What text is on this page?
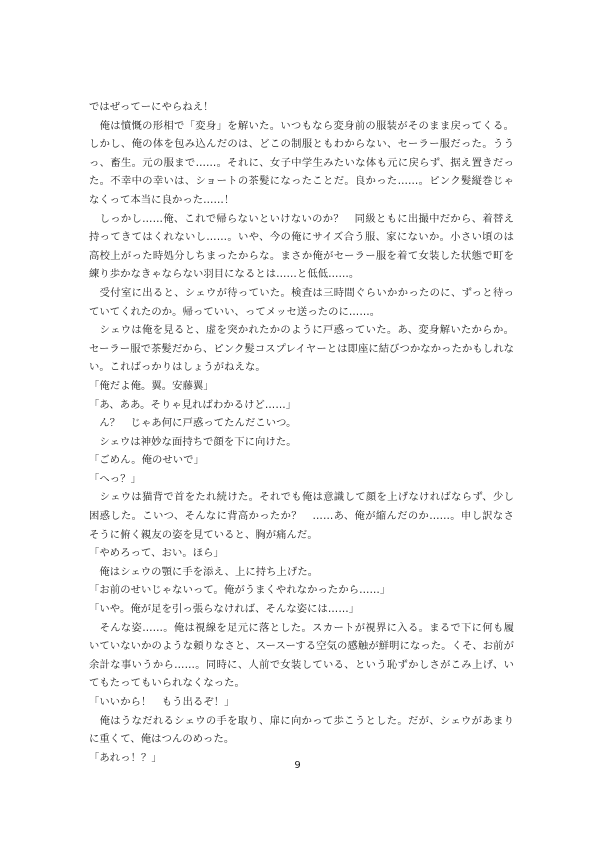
ではぜってーにやらねえ！

　俺は憤慨の形相で「変身」を解いた。いつもなら変身前の服装がそのまま戻ってくる。しかし、俺の体を包み込んだのは、どこの制服ともわからない、セーラー服だった。うう っ、畜生。元の服まで……。それに、女子中学生みたいな体も元に戻らず、据え置きだった。不幸中の幸いは、ショートの茶髪になったことだ。良かった……。ピンク髪縦巻じゃなくって本当に良かった……！

　しっかし……俺、これで帰らないといけないのか？　同級ともに出撮中だから、着替え持ってきてはくれないし……。いや、今の俺にサイズ合う服、家にないか。小さい頃のは高校上がった時処分しちまったからな。まさか俺がセーラー服を着て女装した状態で町を練り歩かなきゃならない羽目になるとは……と低低……。

　受付室に出ると、シェウが待っていた。検査は三時間ぐらいかかったのに、ずっと待っていてくれたのか。帰っていい、ってメッセ送ったのに……。

　シェウは俺を見ると、虚を突かれたかのように戸惑っていた。あ、変身解いたからか。セーラー服で茶髪だから、ピンク髪コスプレイヤーとは即座に結びつかなかったかもしれない。こればっかりはしょうがねえな。

「俺だよ俺。翼。安藤翼」

「あ、ああ。そりゃ見ればわかるけど……」

　ん？　じゃあ何に戸惑ってたんだこいつ。

　シェウは神妙な面持ちで顔を下に向けた。

「ごめん。俺のせいで」

「へっ？」

　シェウは猫背で首をたれ続けた。それでも俺は意識して顔を上げなければならず、少し困惑した。こいつ、そんなに背高かったか？　……あ、俺が縮んだのか……。申し訳なさそうに俯く親友の姿を見ていると、胸が痛んだ。

「やめろって、おい。ほら」

　俺はシェウの顎に手を添え、上に持ち上げた。

「お前のせいじゃないって。俺がうまくやれなかったから……」

「いや。俺が足を引っ張らなければ、そんな姿には……」

　そんな姿……。俺は視線を足元に落とした。スカートが視界に入る。まるで下に何も履いていないかのような頼りなさと、スースーする空気の感触が鮮明になった。くそ、お前が余計な事いうから……。同時に、人前で女装している、という恥ずかしさがこみ上げ、いてもたってもいられなくなった。

「いいから！　もう出るぞ！」

　俺はうなだれるシェウの手を取り、扉に向かって歩こうとした。だが、シェウがあまりに重くて、俺はつんのめった。

「あれっ！？」

9
